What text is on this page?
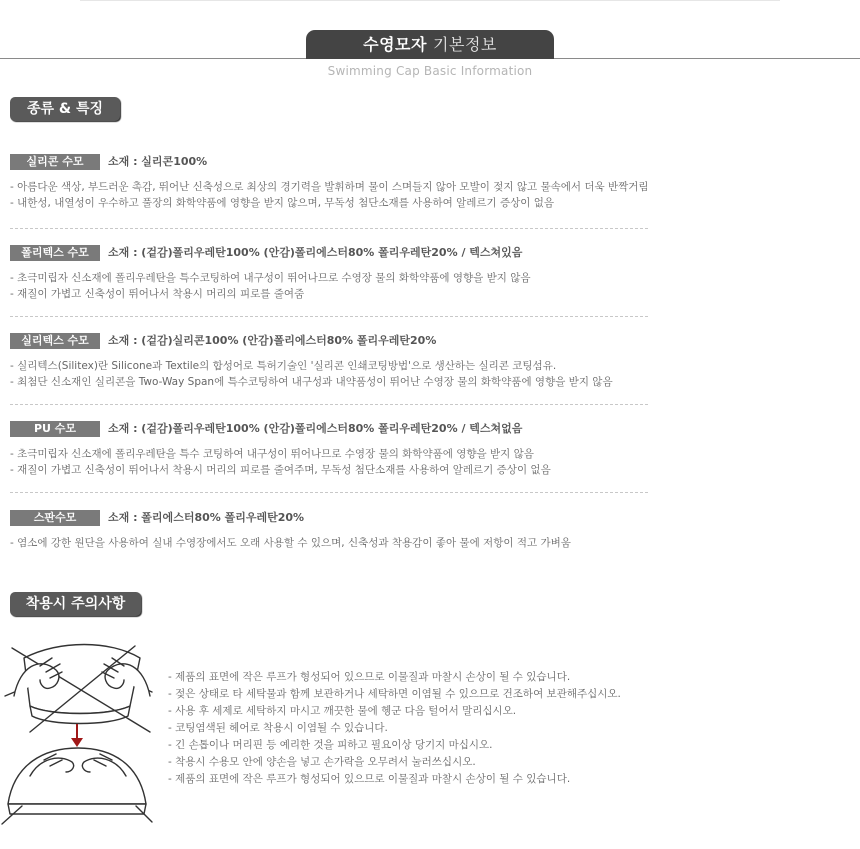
수영모자 기본정보
Swimming Cap Basic Information
종류 & 특징
실리콘 수모	소재 : 실리콘100%
- 아름다운 색상, 부드러운 촉감, 뛰어난 신축성으로 최상의 경기력을 발휘하며 물이 스며들지 않아 모발이 젖지 않고 물속에서 더욱 반짝거림
- 내한성, 내열성이 우수하고 풀장의 화학약품에 영향을 받지 않으며, 무독성 첨단소재를 사용하여 알레르기 증상이 없음
폴리텍스 수모	소재 : (겉감)폴리우레탄100% (안감)폴리에스터80% 폴리우레탄20% / 텍스쳐있음
- 초극미립자 신소재에 폴리우레탄을 특수코팅하여 내구성이 뛰어나므로 수영장 물의 화학약품에 영향을 받지 않음
- 재질이 가볍고 신축성이 뛰어나서 착용시 머리의 피로를 줄여줌
실리텍스 수모	소재 : (겉감)실리콘100% (안감)폴리에스터80% 폴리우레탄20%
- 실리텍스(Silitex)란 Silicone과 Textile의 합성어로 특허기술인 '실리콘 인쇄코팅방법'으로 생산하는 실리콘 코팅섬유.
- 최첨단 신소재인 실리콘을 Two-Way Span에 특수코팅하여 내구성과 내약품성이 뛰어난 수영장 물의 화학약품에 영향을 받지 않음
PU 수모	소재 : (겉감)폴리우레탄100% (안감)폴리에스터80% 폴리우레탄20% / 텍스쳐없음
- 초극미립자 신소재에 폴리우레탄을 특수 코팅하여 내구성이 뛰어나므로 수영장 물의 화학약품에 영향을 받지 않음
- 재질이 가볍고 신축성이 뛰어나서 착용시 머리의 피로를 줄여주며, 무독성 첨단소재를 사용하여 알레르기 증상이 없음
스판수모	소재 : 폴리에스터80% 폴리우레탄20%
- 염소에 강한 원단을 사용하여 실내 수영장에서도 오래 사용할 수 있으며, 신축성과 착용감이 좋아 물에 저항이 적고 가벼움
착용시 주의사항
- 제품의 표면에 작은 루프가 형성되어 있으므로 이물질과 마찰시 손상이 될 수 있습니다.
- 젖은 상태로 타 세탁물과 함께 보관하거나 세탁하면 이염될 수 있으므로 건조하여 보관해주십시오.
- 사용 후 세제로 세탁하지 마시고 깨끗한 물에 헹군 다음 털어서 말리십시오.
- 코팅염색된 헤어로 착용시 이염될 수 있습니다.
- 긴 손톱이나 머리핀 등 예리한 것을 피하고 필요이상 당기지 마십시오.
- 착용시 수용모 안에 양손을 넣고 손가락을 오무려서 눌러쓰십시오.
- 제품의 표면에 작은 루프가 형성되어 있으므로 이물질과 마찰시 손상이 될 수 있습니다.
